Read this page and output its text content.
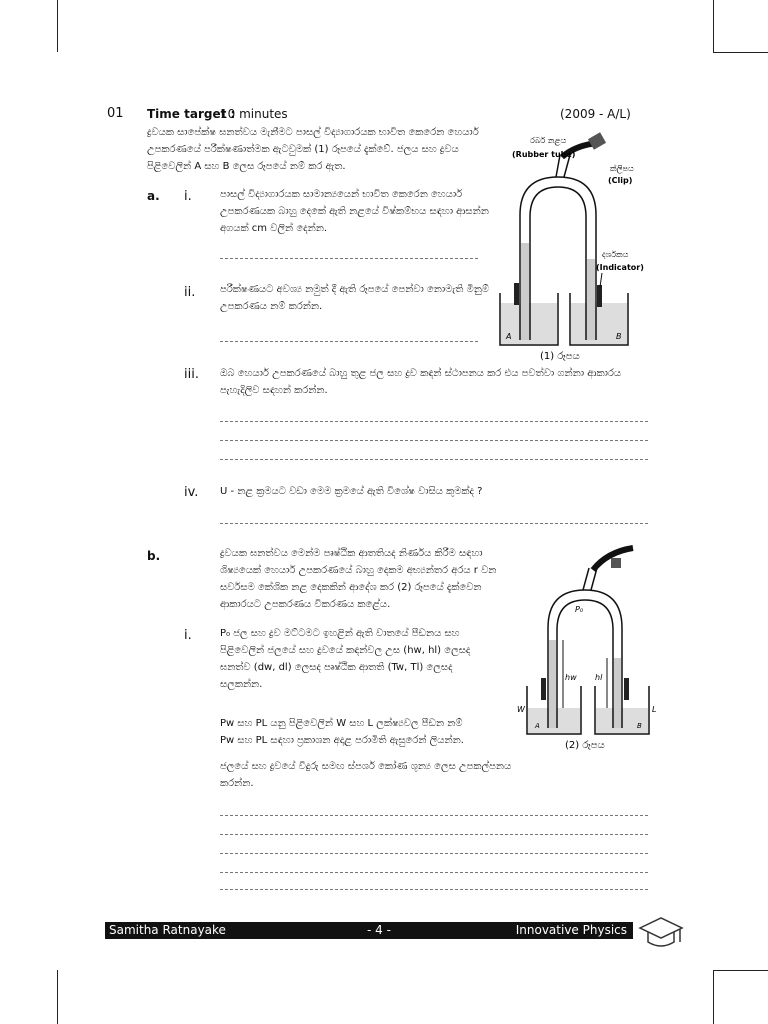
01 Time target :
10 minutes	(2009 - A/L)
ද්‍රවයක සාපේක්ෂ ඝනත්වය මැනීමට පාසල් විද්‍යාගාරයක භාවිත කෙරෙන හෙයාර් උපකරණයේ පරීක්ෂණාත්මක ඇටවුමක් (1) රූපයේ දැක්වේ. ජලය සහ ද්‍රවය පිළිවෙලින් A සහ B ලෙස රූපයේ නම් කර ඇත.
a. i.	පාසල් විද්‍යාගාරයක සාමාන්‍යයෙන් භාවිත කෙරෙන හෙයාර් උපකරණයක බාහු දෙකේ ඇති නළයේ විෂ්කම්භය සඳහා ආසන්න අගයක් cm වලින් දෙන්න.
ii. පරීක්ෂණයට අවශ්‍ය නමුත් දී ඇති රූපයේ පෙන්වා නොමැති මිනුම් උපකරණය නම් කරන්න.
iii. ඔබ හෙයාර් උපකරණයේ බාහු තුළ ජල සහ ද්‍රව කඳන් ස්ථාපනය කර එය පවත්වා ගන්නා ආකාරය පැහැදිලිව සඳහන් කරන්න.
iv. U - නළ ක්‍රමයට වඩා මෙම ක්‍රමයේ ඇති විශේෂ වාසිය කුමක්ද ?
රබර් නළය
(Rubber tube)
ක්ලිපය
(Clip)
දර්ශකය
(Indicator)
A	B
(1) රූපය
b.	ද්‍රවයක ඝනත්වය මෙන්ම පෘෂ්ඨික ආතතියද නිර්ණය කිරීම සඳහා ශිෂ්‍යයෙක් හෙයාර් උපකරණයේ බාහු දෙකම අභ්‍යන්තර අරය r වන සර්වසම කේශික නළ දෙකකින් ආදේශ කර (2) රූපයේ දැක්වෙන ආකාරයට උපකරණය විකරණය කළේය.
i.	P₀ ජල සහ ද්‍රව මට්ටමට ඉහළින් ඇති වාතයේ පීඩනය සහ
පිළිවෙලින් ජලයේ සහ ද්‍රවයේ කඳන්වල උස (hw, hl) ලෙසද
ඝනත්ව (dw, dl) ලෙසද පෘෂ්ඨික ආතති (Tw, Tl) ලෙසද
සලකන්න.
Pw සහ PL යනු පිළිවෙලින් W සහ L ලක්ෂ්‍යවල පීඩන නම්
Pw සහ PL සඳහා ප්‍රකාශන අදාළ පරාමිති ඇසුරෙන් ලියන්න.
ජලයේ සහ ද්‍රවයේ වීදුරු සමඟ ස්පර්ශ කෝණ ශුන්‍ය ලෙස උපකල්පනය
කරන්න.
P₀
hw hl
W	L
A	B
(2) රූපය
Samitha Ratnayake	- 4 -	Innovative Physics
